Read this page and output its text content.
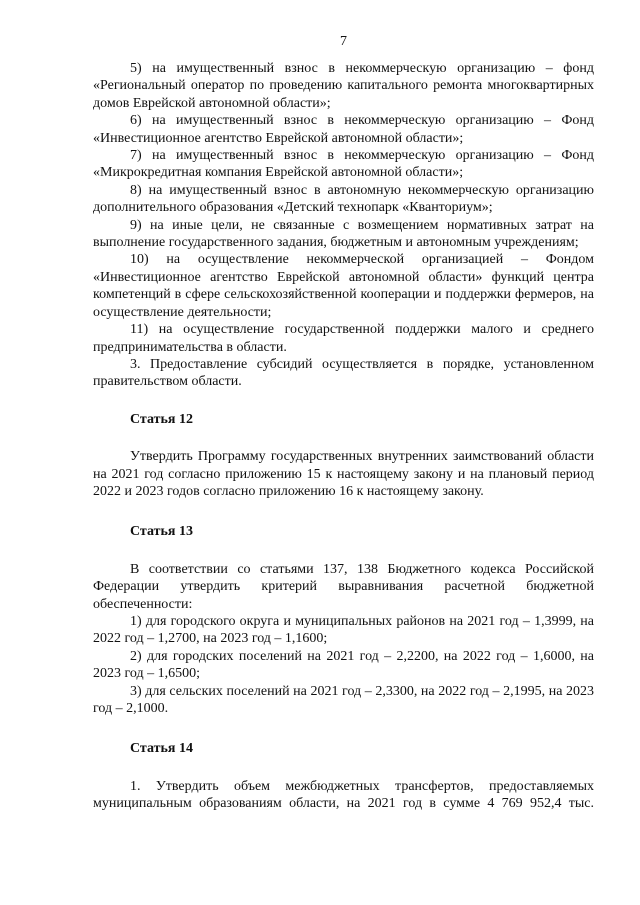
7

5) на имущественный взнос в некоммерческую организацию – фонд «Региональный оператор по проведению капитального ремонта многоквартирных домов Еврейской автономной области»;

6) на имущественный взнос в некоммерческую организацию – Фонд «Инвестиционное агентство Еврейской автономной области»;

7) на имущественный взнос в некоммерческую организацию – Фонд «Микрокредитная компания Еврейской автономной области»;

8) на имущественный взнос в автономную некоммерческую организацию дополнительного образования «Детский технопарк «Кванториум»;

9) на иные цели, не связанные с возмещением нормативных затрат на выполнение государственного задания, бюджетным и автономным учреждениям;

10) на осуществление некоммерческой организацией – Фондом «Инвестиционное агентство Еврейской автономной области» функций центра компетенций в сфере сельскохозяйственной кооперации и поддержки фермеров, на осуществление деятельности;

11) на осуществление государственной поддержки малого и среднего предпринимательства в области.

3. Предоставление субсидий осуществляется в порядке, установленном правительством области.

Статья 12

Утвердить Программу государственных внутренних заимствований области на 2021 год согласно приложению 15 к настоящему закону и на плановый период 2022 и 2023 годов согласно приложению 16 к настоящему закону.

Статья 13

В соответствии со статьями 137, 138 Бюджетного кодекса Российской Федерации утвердить критерий выравнивания расчетной бюджетной обеспеченности:

1) для городского округа и муниципальных районов на 2021 год – 1,3999, на 2022 год – 1,2700, на 2023 год – 1,1600;

2) для городских поселений на 2021 год – 2,2200, на 2022 год – 1,6000, на 2023 год – 1,6500;

3) для сельских поселений на 2021 год – 2,3300, на 2022 год – 2,1995, на 2023 год – 2,1000.

Статья 14

1. Утвердить объем межбюджетных трансфертов, предоставляемых муниципальным образованиям области, на 2021 год в сумме 4 769 952,4 тыс.
